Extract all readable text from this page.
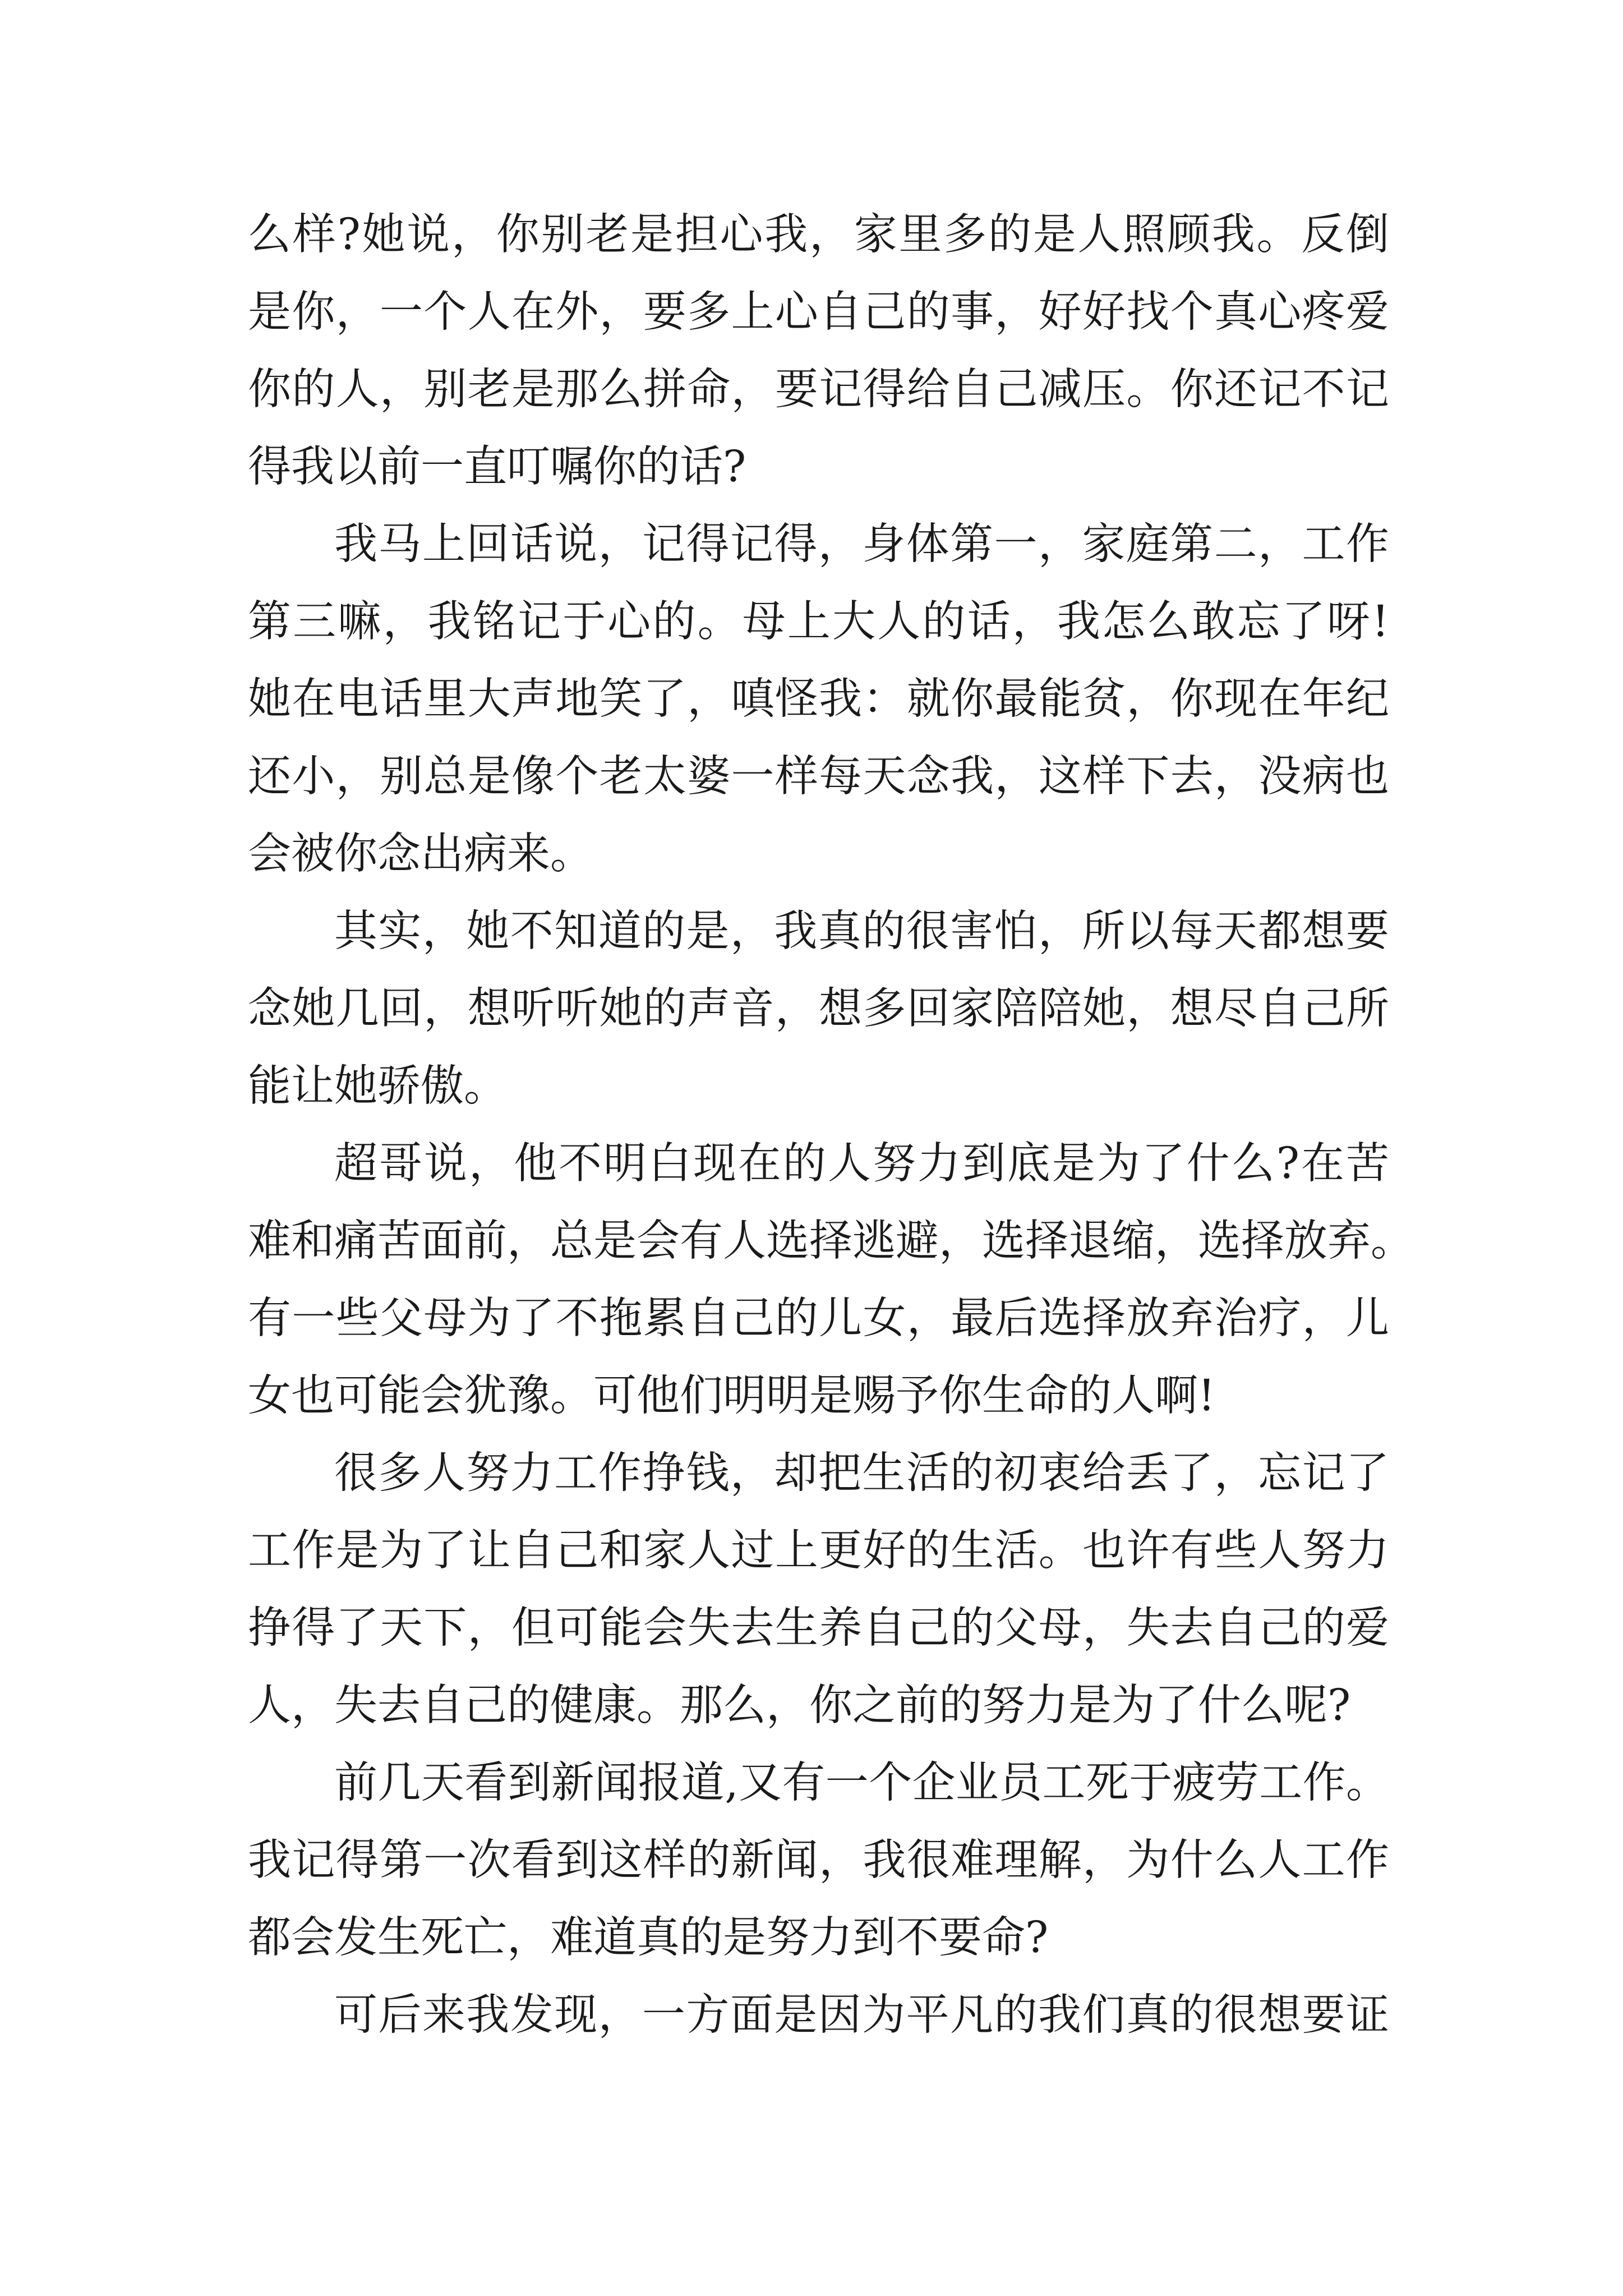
么样?她说，你别老是担心我，家里多的是人照顾我。反倒
是你，一个人在外，要多上心自己的事，好好找个真心疼爱
你的人，别老是那么拼命，要记得给自己减压。你还记不记
得我以前一直叮嘱你的话?
我马上回话说，记得记得，身体第一，家庭第二，工作
第三嘛，我铭记于心的。母上大人的话，我怎么敢忘了呀!
她在电话里大声地笑了，嗔怪我：就你最能贫，你现在年纪
还小，别总是像个老太婆一样每天念我，这样下去，没病也
会被你念出病来。
其实，她不知道的是，我真的很害怕，所以每天都想要
念她几回，想听听她的声音，想多回家陪陪她，想尽自己所
能让她骄傲。
超哥说，他不明白现在的人努力到底是为了什么?在苦
难和痛苦面前，总是会有人选择逃避，选择退缩，选择放弃。
有一些父母为了不拖累自己的儿女，最后选择放弃治疗，儿
女也可能会犹豫。可他们明明是赐予你生命的人啊!
很多人努力工作挣钱，却把生活的初衷给丢了，忘记了
工作是为了让自己和家人过上更好的生活。也许有些人努力
挣得了天下，但可能会失去生养自己的父母，失去自己的爱
人，失去自己的健康。那么，你之前的努力是为了什么呢?
前几天看到新闻报道,又有一个企业员工死于疲劳工作。
我记得第一次看到这样的新闻，我很难理解，为什么人工作
都会发生死亡，难道真的是努力到不要命?
可后来我发现，一方面是因为平凡的我们真的很想要证
